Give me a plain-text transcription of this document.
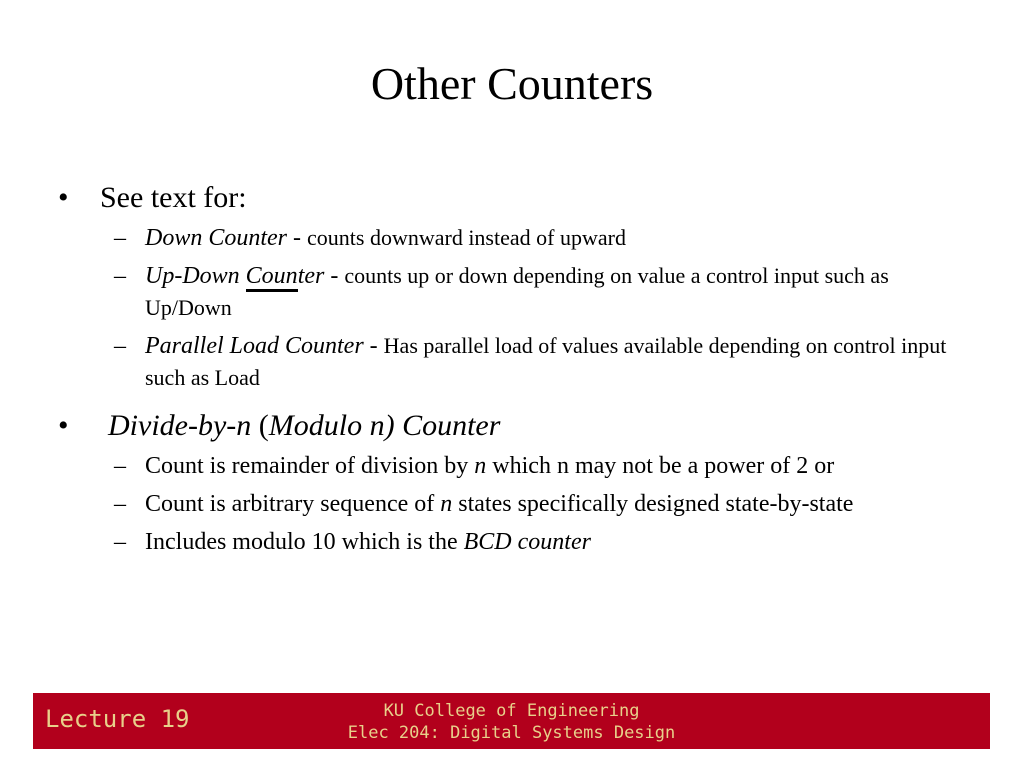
Other Counters
• See text for:
– Down Counter - counts downward instead of upward
– Up-Down Counter - counts up or down depending on value a control input such as Up/Down
– Parallel Load Counter - Has parallel load of values available depending on control input such as Load
• Divide-by-n (Modulo n) Counter
– Count is remainder of division by n which n may not be a power of 2 or
– Count is arbitrary sequence of n states specifically designed state-by-state
– Includes modulo 10 which is the BCD counter
Lecture 19	KU College of Engineering
Elec 204: Digital Systems Design
